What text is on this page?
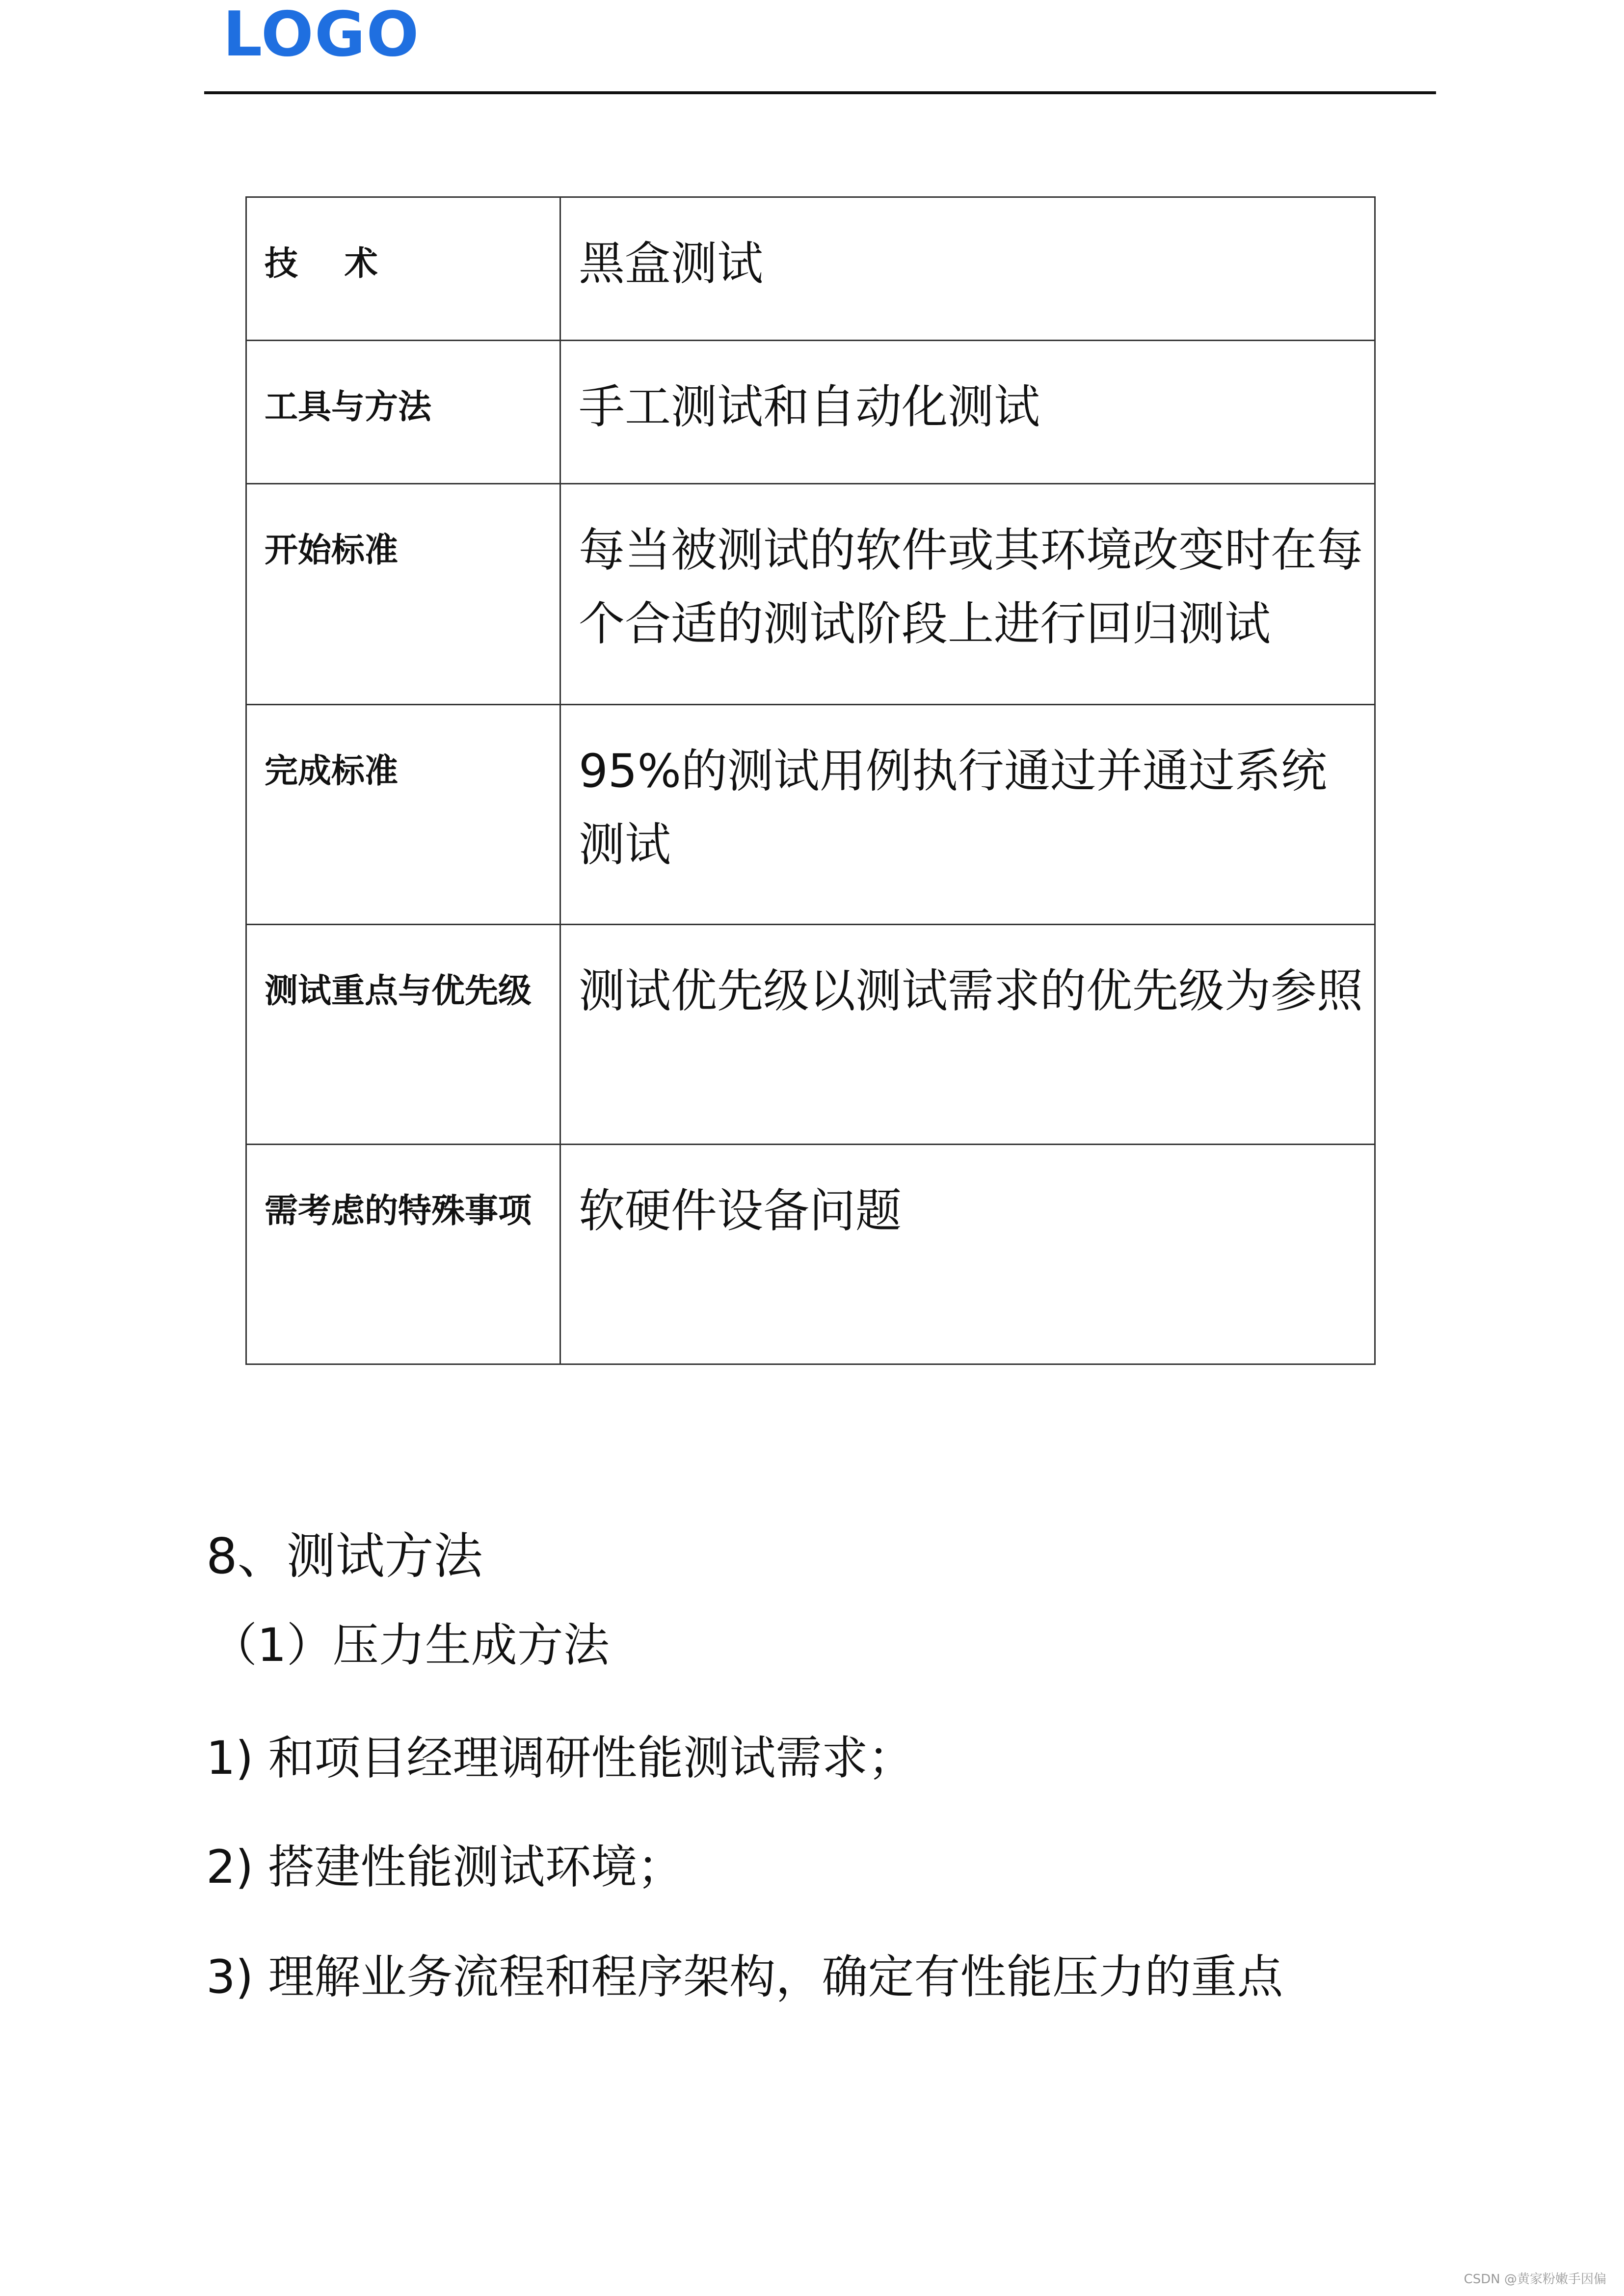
LOGO
技    术	黑盒测试

工具与方法	手工测试和自动化测试

开始标准	每当被测试的软件或其环境改变时在每个合适的测试阶段上进行回归测试

完成标准	95%的测试用例执行通过并通过系统测试

测试重点与优先级	测试优先级以测试需求的优先级为参照

需考虑的特殊事项	软硬件设备问题
8、测试方法
（1）压力生成方法
1) 和项目经理调研性能测试需求；
2) 搭建性能测试环境；
3) 理解业务流程和程序架构，确定有性能压力的重点
CSDN @黄家粉嫩手因偏
